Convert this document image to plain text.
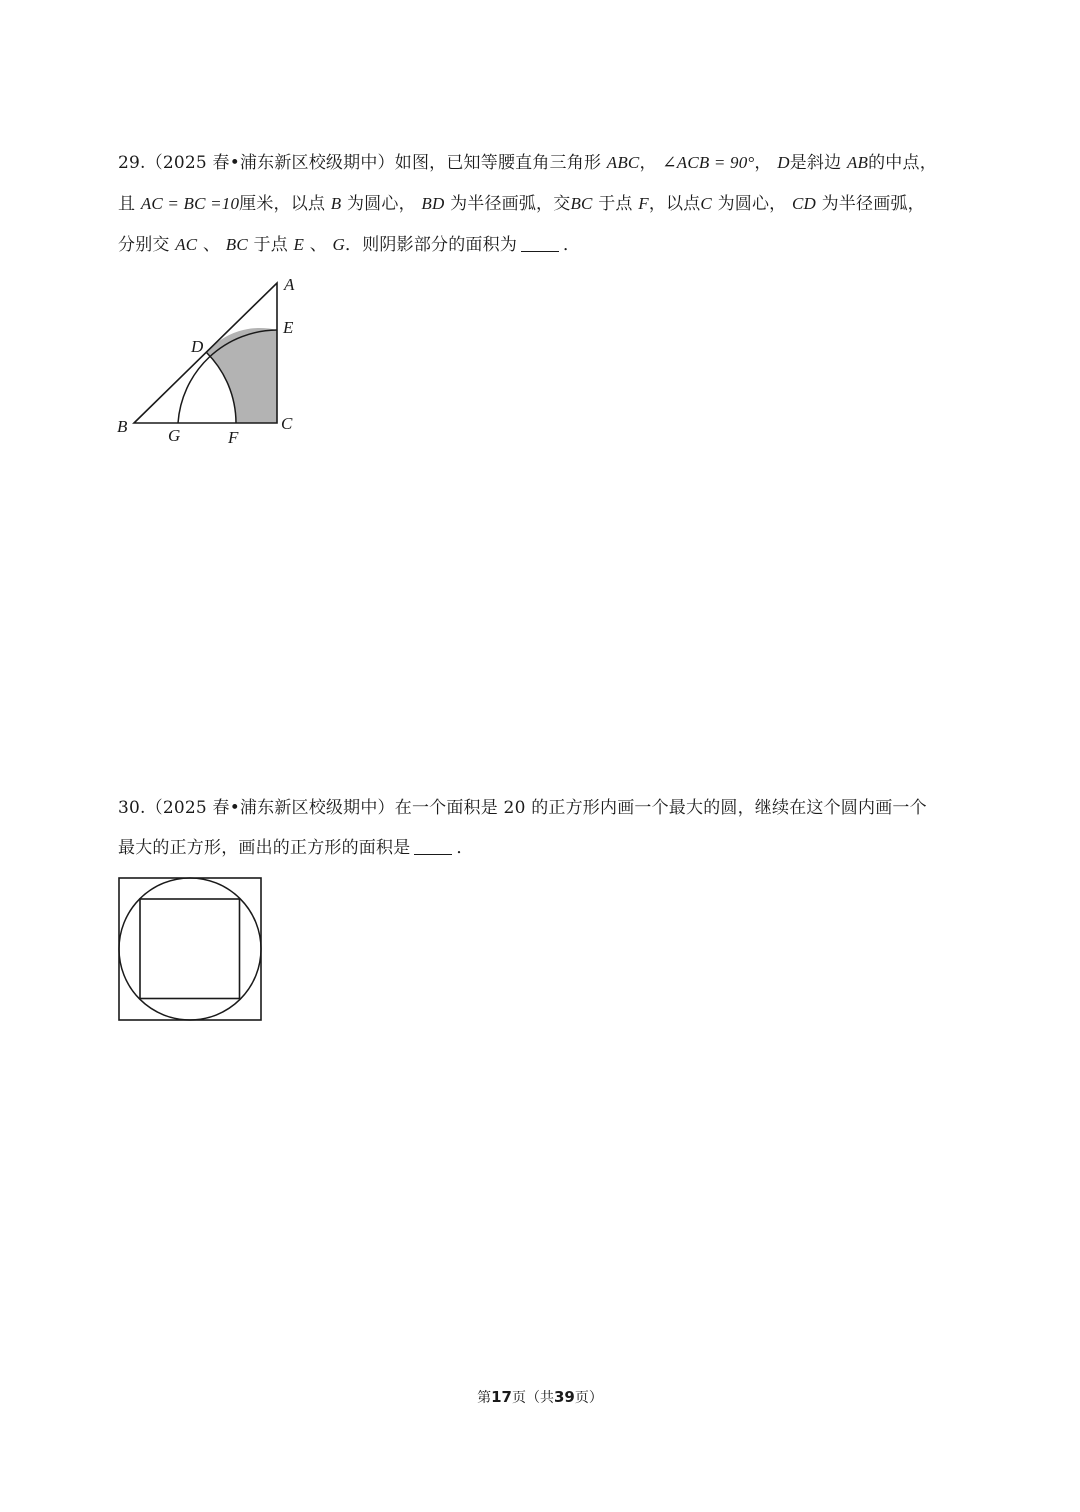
29.（2025 春•浦东新区校级期中）如图，已知等腰直角三角形 ABC， ∠ACB = 90°， D是斜边 AB的中点，
且 AC = BC =10厘米，以点 B 为圆心， BD 为半径画弧，交BC 于点 F，以点C 为圆心， CD 为半径画弧，
分别交 AC 、 BC 于点 E 、 G．则阴影部分的面积为	．
A
E
D
B G	F
C
30.（2025 春•浦东新区校级期中）在一个面积是 20 的正方形内画一个最大的圆，继续在这个圆内画一个
最大的正方形，画出的正方形的面积是	．
第17页（共39页）
